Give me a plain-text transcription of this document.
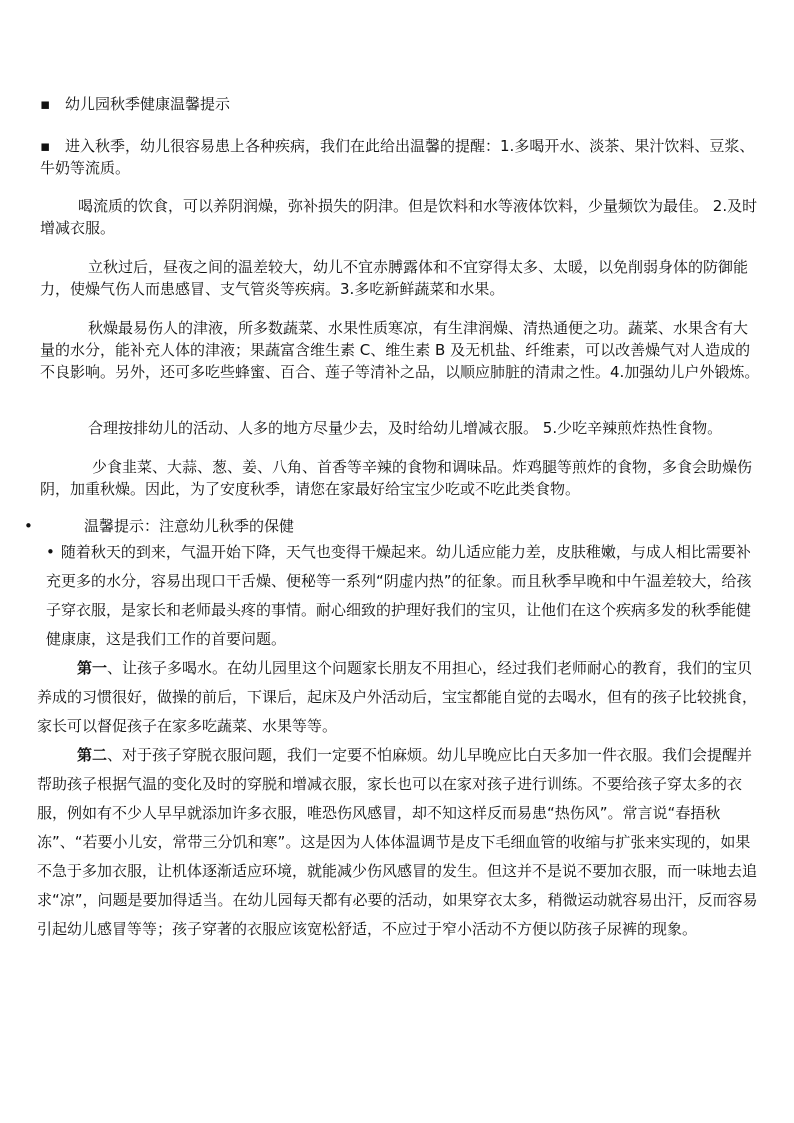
▪ 幼儿园秋季健康温馨提示

▪ 进入秋季，幼儿很容易患上各种疾病，我们在此给出温馨的提醒：1.多喝开水、淡茶、果汁饮料、豆浆、牛奶等流质。

喝流质的饮食，可以养阴润燥，弥补损失的阴津。但是饮料和水等液体饮料，少量频饮为最佳。 2.及时增减衣服。

立秋过后，昼夜之间的温差较大，幼儿不宜赤膊露体和不宜穿得太多、太暖，以免削弱身体的防御能力，使燥气伤人而患感冒、支气管炎等疾病。3.多吃新鲜蔬菜和水果。

秋燥最易伤人的津液，所多数蔬菜、水果性质寒凉，有生津润燥、清热通便之功。蔬菜、水果含有大量的水分，能补充人体的津液；果蔬富含维生素 C、维生素 B 及无机盐、纤维素，可以改善燥气对人造成的不良影响。另外，还可多吃些蜂蜜、百合、莲子等清补之品，以顺应肺脏的清肃之性。4.加强幼儿户外锻炼。

合理按排幼儿的活动、人多的地方尽量少去，及时给幼儿增减衣服。 5.少吃辛辣煎炸热性食物。

少食韭菜、大蒜、葱、姜、八角、首香等辛辣的食物和调味品。炸鸡腿等煎炸的食物，多食会助燥伤阴，加重秋燥。因此，为了安度秋季，请您在家最好给宝宝少吃或不吃此类食物。

•	温馨提示：注意幼儿秋季的保健

• 随着秋天的到来，气温开始下降，天气也变得干燥起来。幼儿适应能力差，皮肤稚嫩，与成人相比需要补充更多的水分，容易出现口干舌燥、便秘等一系列“阴虚内热”的征象。而且秋季早晚和中午温差较大，给孩子穿衣服，是家长和老师最头疼的事情。耐心细致的护理好我们的宝贝，让他们在这个疾病多发的秋季能健健康康，这是我们工作的首要问题。

第一、让孩子多喝水。在幼儿园里这个问题家长朋友不用担心，经过我们老师耐心的教育，我们的宝贝养成的习惯很好，做操的前后，下课后，起床及户外活动后，宝宝都能自觉的去喝水，但有的孩子比较挑食，家长可以督促孩子在家多吃蔬菜、水果等等。

第二、对于孩子穿脱衣服问题，我们一定要不怕麻烦。幼儿早晚应比白天多加一件衣服。我们会提醒并帮助孩子根据气温的变化及时的穿脱和增减衣服，家长也可以在家对孩子进行训练。不要给孩子穿太多的衣服，例如有不少人早早就添加许多衣服，唯恐伤风感冒，却不知这样反而易患“热伤风”。常言说“春捂秋冻”、“若要小儿安，常带三分饥和寒”。这是因为人体体温调节是皮下毛细血管的收缩与扩张来实现的，如果不急于多加衣服，让机体逐渐适应环境，就能减少伤风感冒的发生。但这并不是说不要加衣服，而一味地去追求“凉”，问题是要加得适当。在幼儿园每天都有必要的活动，如果穿衣太多，稍微运动就容易出汗，反而容易引起幼儿感冒等等；孩子穿著的衣服应该宽松舒适，不应过于窄小活动不方便以防孩子尿裤的现象。
